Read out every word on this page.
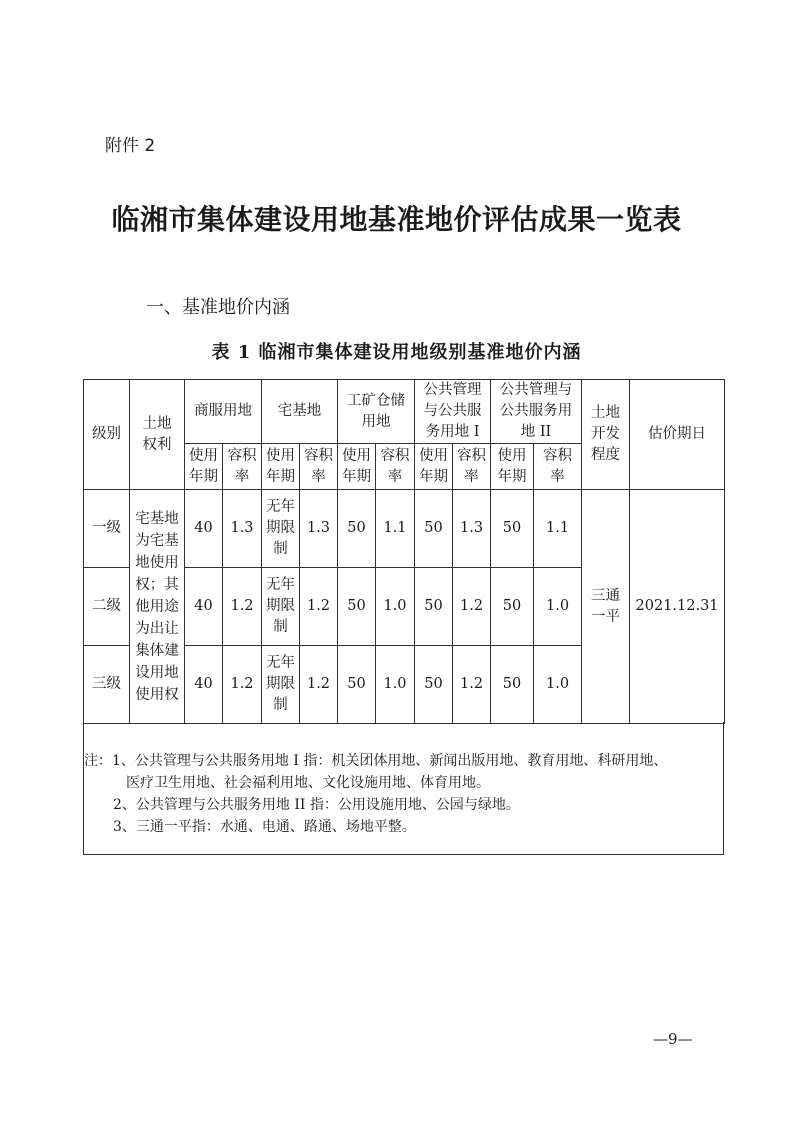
附件 2
临湘市集体建设用地基准地价评估成果一览表
一、基准地价内涵
表 1 临湘市集体建设用地级别基准地价内涵
级别	土地权利	商服用地		宅基地		工矿仓储用地		公共管理与公共服务用地 I		公共管理与公共服务用地 II		土地开发程度	估价期日

		使用年期	容积率	使用年期	容积率	使用年期	容积率	使用年期	容积率	使用年期	容积率		

一级	宅基地为宅基地使用权；其他用途为出让集体建设用地使用权	40	1.3	无年期限制	1.3	50	1.1	50	1.3	50	1.1	三通一平	2021.12.31
二级		40	1.2	无年期限制	1.2	50	1.0	50	1.2	50	1.0		
三级		40	1.2	无年期限制	1.2	50	1.0	50	1.2	50	1.0		
注：1、公共管理与公共服务用地 I 指：机关团体用地、新闻出版用地、教育用地、科研用地、
医疗卫生用地、社会福利用地、文化设施用地、体育用地。
2、公共管理与公共服务用地 II 指：公用设施用地、公园与绿地。
3、三通一平指：水通、电通、路通、场地平整。
—9—
